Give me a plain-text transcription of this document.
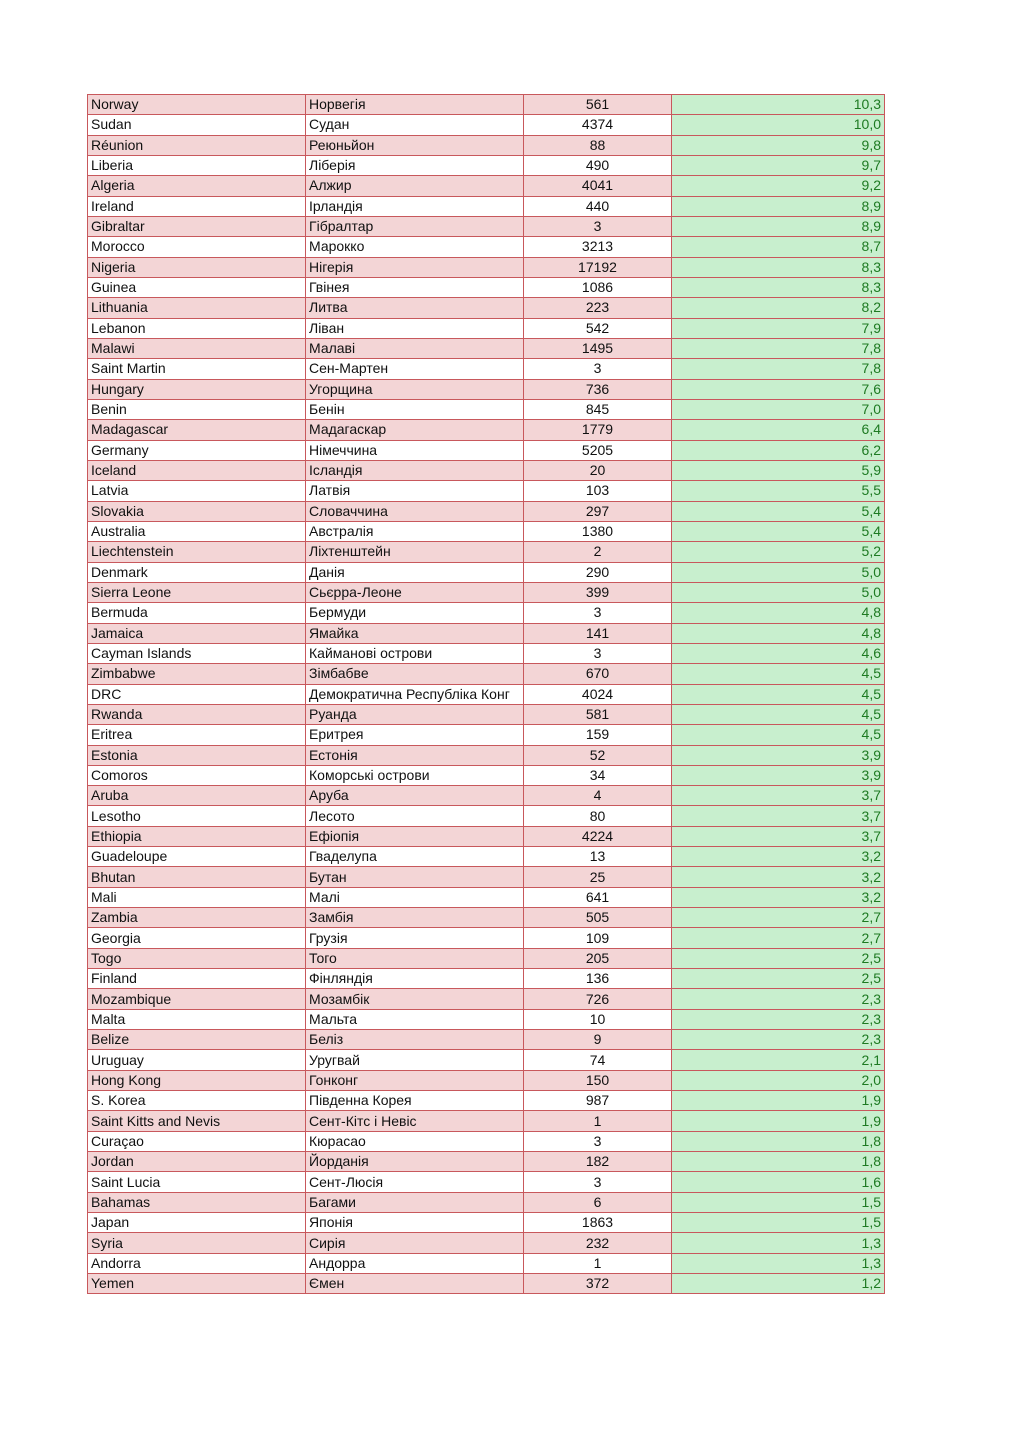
Norway	Норвегія	561	10,3
Sudan	Судан	4374	10,0
Réunion	Реюньйон	88	9,8
Liberia	Ліберія	490	9,7
Algeria	Алжир	4041	9,2
Ireland	Ірландія	440	8,9
Gibraltar	Гібралтар	3	8,9
Morocco	Марокко	3213	8,7
Nigeria	Нігерія	17192	8,3
Guinea	Гвінея	1086	8,3
Lithuania	Литва	223	8,2
Lebanon	Ліван	542	7,9
Malawi	Малаві	1495	7,8
Saint Martin	Сен-Мартен	3	7,8
Hungary	Угорщина	736	7,6
Benin	Бенін	845	7,0
Madagascar	Мадагаскар	1779	6,4
Germany	Німеччина	5205	6,2
Iceland	Ісландія	20	5,9
Latvia	Латвія	103	5,5
Slovakia	Словаччина	297	5,4
Australia	Австралія	1380	5,4
Liechtenstein	Ліхтенштейн	2	5,2
Denmark	Данія	290	5,0
Sierra Leone	Сьєрра-Леоне	399	5,0
Bermuda	Бермуди	3	4,8
Jamaica	Ямайка	141	4,8
Cayman Islands	Кайманові острови	3	4,6
Zimbabwe	Зімбабве	670	4,5
DRC	Демократична Республіка Конг	4024	4,5
Rwanda	Руанда	581	4,5
Eritrea	Еритрея	159	4,5
Estonia	Естонія	52	3,9
Comoros	Коморські острови	34	3,9
Aruba	Аруба	4	3,7
Lesotho	Лесото	80	3,7
Ethiopia	Ефіопія	4224	3,7
Guadeloupe	Гваделупа	13	3,2
Bhutan	Бутан	25	3,2
Mali	Малі	641	3,2
Zambia	Замбія	505	2,7
Georgia	Грузія	109	2,7
Togo	Того	205	2,5
Finland	Фінляндія	136	2,5
Mozambique	Мозамбік	726	2,3
Malta	Мальта	10	2,3
Belize	Беліз	9	2,3
Uruguay	Уругвай	74	2,1
Hong Kong	Гонконг	150	2,0
S. Korea	Південна Корея	987	1,9
Saint Kitts and Nevis	Сент-Кітс і Невіс	1	1,9
Curaçao	Кюрасао	3	1,8
Jordan	Йорданія	182	1,8
Saint Lucia	Сент-Люсія	3	1,6
Bahamas	Багами	6	1,5
Japan	Японія	1863	1,5
Syria	Сирія	232	1,3
Andorra	Андорра	1	1,3
Yemen	Ємен	372	1,2
